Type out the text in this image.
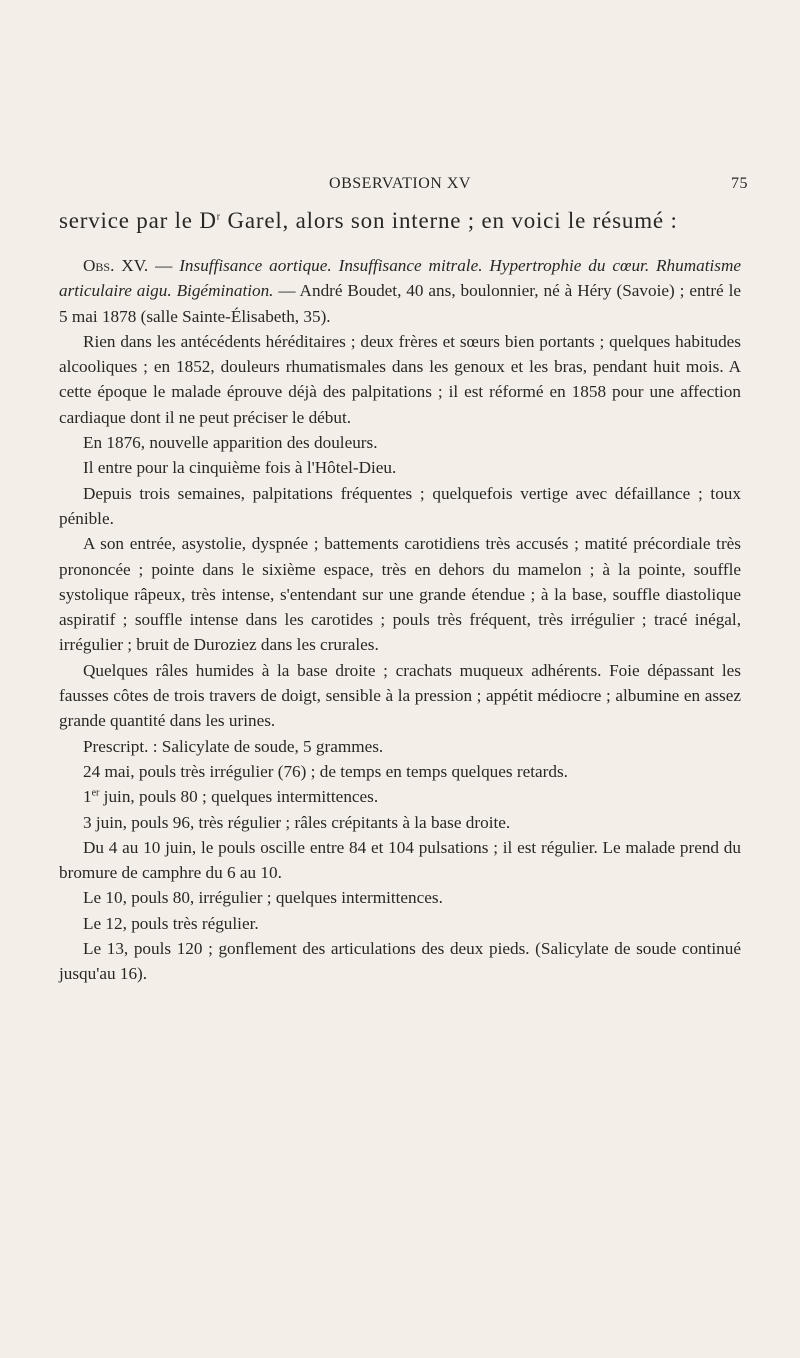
OBSERVATION XV	75

service par le $D^r$ Garel, alors son interne ; en voici le résumé :

Obs. XV. — Insuffisance aortique. Insuffisance mitrale. Hypertrophie du cœur. Rhumatisme articulaire aigu. Bigémination. — André Boudet, 40 ans, boulonnier, né à Héry (Savoie) ; entré le 5 mai 1878 (salle Sainte-Élisabeth, 35).

Rien dans les antécédents héréditaires ; deux frères et sœurs bien portants ; quelques habitudes alcooliques ; en 1852, douleurs rhumatismales dans les genoux et les bras, pendant huit mois. A cette époque le malade éprouve déjà des palpitations ; il est réformé en 1858 pour une affection cardiaque dont il ne peut préciser le début.

En 1876, nouvelle apparition des douleurs.

Il entre pour la cinquième fois à l'Hôtel-Dieu.

Depuis trois semaines, palpitations fréquentes ; quelquefois vertige avec défaillance ; toux pénible.

A son entrée, asystolie, dyspnée ; battements carotidiens très accusés ; matité précordiale très prononcée ; pointe dans le sixième espace, très en dehors du mamelon ; à la pointe, souffle systolique râpeux, très intense, s'entendant sur une grande étendue ; à la base, souffle diastolique aspiratif ; souffle intense dans les carotides ; pouls très fréquent, très irrégulier ; tracé inégal, irrégulier ; bruit de Duroziez dans les crurales.

Quelques râles humides à la base droite ; crachats muqueux adhérents. Foie dépassant les fausses côtes de trois travers de doigt, sensible à la pression ; appétit médiocre ; albumine en assez grande quantité dans les urines.

Prescript. : Salicylate de soude, 5 grammes.

24 mai, pouls très irrégulier (76) ; de temps en temps quelques retards.

1er juin, pouls 80 ; quelques intermittences.

3 juin, pouls 96, très régulier ; râles crépitants à la base droite.

Du 4 au 10 juin, le pouls oscille entre 84 et 104 pulsations ; il est régulier. Le malade prend du bromure de camphre du 6 au 10.

Le 10, pouls 80, irrégulier ; quelques intermittences.

Le 12, pouls très régulier.

Le 13, pouls 120 ; gonflement des articulations des deux pieds. (Salicylate de soude continué jusqu'au 16).
